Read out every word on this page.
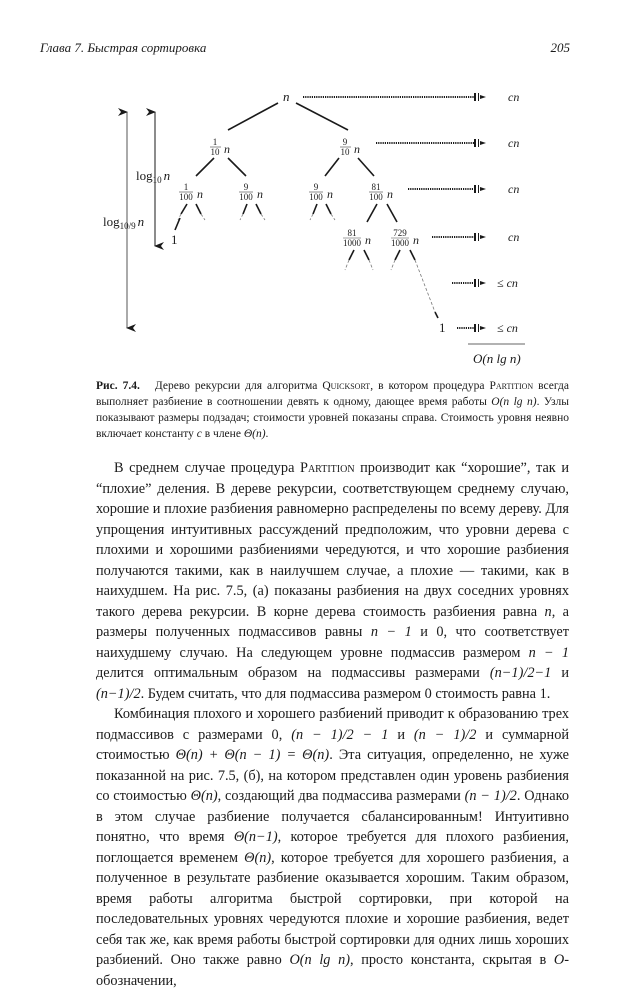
Глава 7. Быстрая сортировка	205
$\log_{10} n$
$\log_{10/9} n$
n
1
10 n	9
10 n
1
100 n	9
100 n	9
100 n	81
100 n
81
1000 n 729
1000 n
1
1
cn
cn
cn
cn
≤ cn
≤ cn
O(n lg n)
Рис. 7.4. Дерево рекурсии для алгоритма Quicksort, в котором процедура Partition всегда выполняет разбиение в соотношении девять к одному, дающее время работы O(n lg n). Узлы показывают размеры подзадач; стоимости уровней показаны справа. Стоимость уровня неявно включает константу c в члене Θ(n).

В среднем случае процедура Partition производит как “хорошие”, так и “плохие” деления. В дереве рекурсии, соответствующем среднему случаю, хорошие и плохие разбиения равномерно распределены по всему дереву. Для упрощения интуитивных рассуждений предположим, что уровни дерева с плохими и хорошими разбиениями чередуются, и что хорошие разбиения получаются такими, как в наилучшем случае, а плохие — такими, как в наихудшем. На рис. 7.5, (а) показаны разбиения на двух соседних уровнях такого дерева рекурсии. В корне дерева стоимость разбиения равна n, а размеры полученных подмассивов равны n − 1 и 0, что соответствует наихудшему случаю. На следующем уровне подмассив размером n − 1 делится оптимальным образом на подмассивы размерами (n−1)/2−1 и (n−1)/2. Будем считать, что для подмассива размером 0 стоимость равна 1.

Комбинация плохого и хорошего разбиений приводит к образованию трех подмассивов с размерами 0, (n − 1)/2 − 1 и (n − 1)/2 и суммарной стоимостью Θ(n) + Θ(n − 1) = Θ(n). Эта ситуация, определенно, не хуже показанной на рис. 7.5, (б), на котором представлен один уровень разбиения со стоимостью Θ(n), создающий два подмассива размерами (n − 1)/2. Однако в этом случае разбиение получается сбалансированным! Интуитивно понятно, что время Θ(n−1), которое требуется для плохого разбиения, поглощается временем Θ(n), которое требуется для хорошего разбиения, а полученное в результате разбиение оказывается хорошим. Таким образом, время работы алгоритма быстрой сортировки, при которой на последовательных уровнях чередуются плохие и хорошие разбиения, ведет себя так же, как время работы быстрой сортировки для одних лишь хороших разбиений. Оно также равно O(n lg n), просто константа, скрытая в O-обозначении,
